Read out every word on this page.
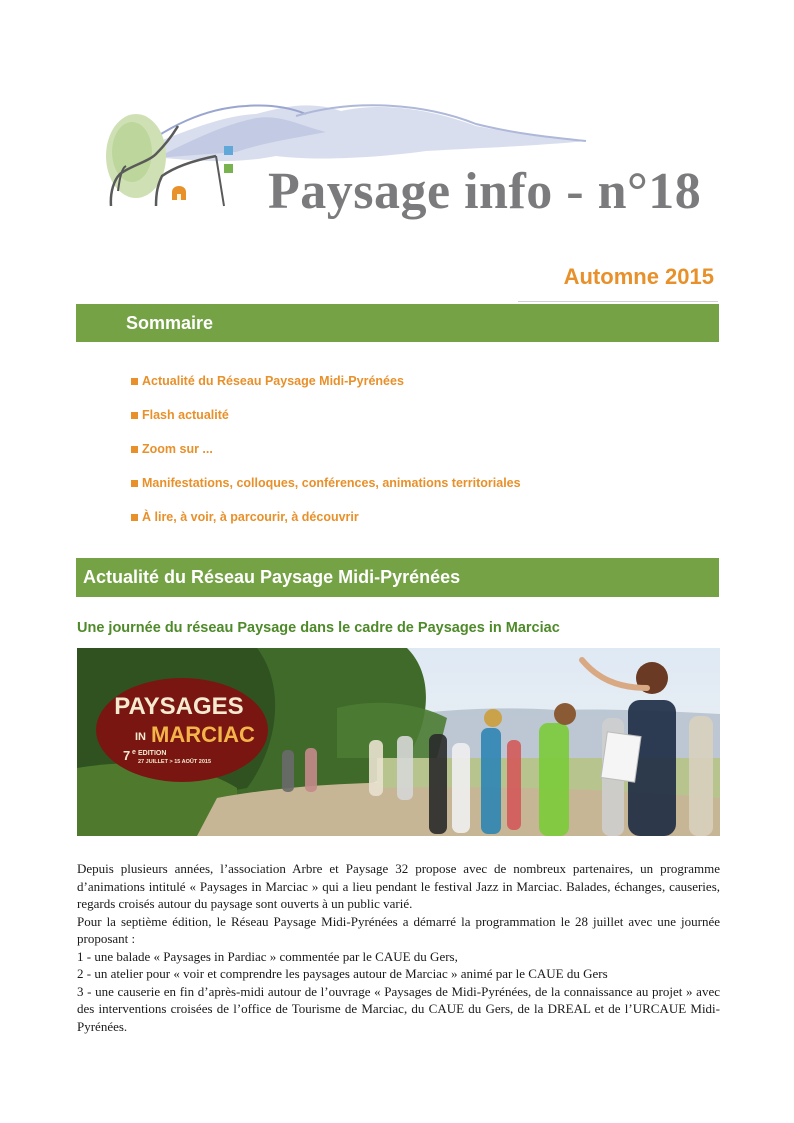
Paysage info - n°18
Automne 2015
Sommaire
Actualité du Réseau Paysage Midi-Pyrénées
Flash actualité
Zoom sur ...
Manifestations, colloques, conférences, animations territoriales
À lire, à voir, à parcourir, à découvrir
Actualité du Réseau Paysage Midi-Pyrénées
Une journée du réseau Paysage dans le cadre de Paysages in Marciac
PAYSAGES
IN MARCIAC
7 e EDITION
27 JUILLET > 15 AOÛT 2015

Depuis plusieurs années, l’association Arbre et Paysage 32 propose avec de nombreux partenaires, un programme d’animations intitulé « Paysages in Marciac » qui a lieu pendant le festival Jazz in Marciac. Balades, échanges, causeries, regards croisés autour du paysage sont ouverts à un public varié.

Pour la septième édition, le Réseau Paysage Midi-Pyrénées a démarré la programmation le 28 juillet avec une journée proposant :

1 - une balade « Paysages in Pardiac » commentée par le CAUE du Gers,

2 - un atelier pour « voir et comprendre les paysages autour de Marciac » animé par le CAUE du Gers

3 - une causerie en fin d’après-midi autour de l’ouvrage « Paysages de Midi-Pyrénées, de la connaissance au projet » avec des interventions croisées de l’office de Tourisme de Marciac, du CAUE du Gers, de la DREAL et de l’URCAUE Midi-Pyrénées.
